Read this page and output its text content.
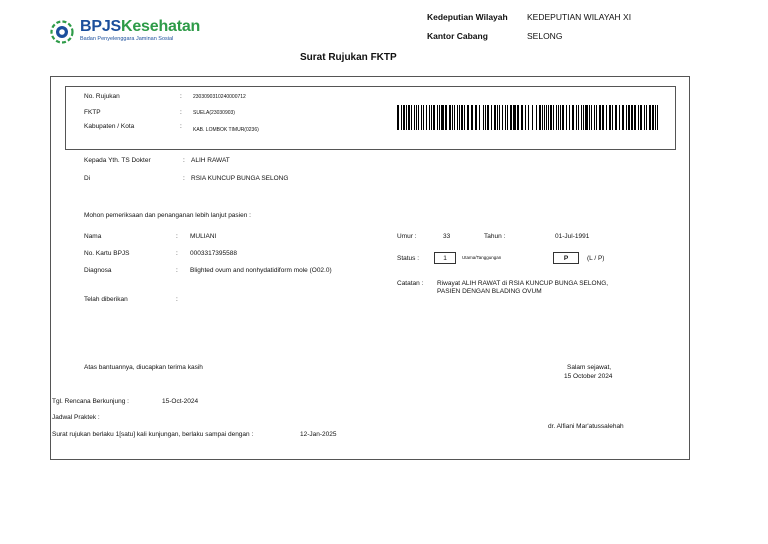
BPJSKesehatan
Badan Penyelenggara Jaminan Sosial
Kedeputian Wilayah KEDEPUTIAN WILAYAH XI
Kantor Cabang	SELONG
Surat Rujukan FKTP
No. Rujukan	: 2303090310240000712
FKTP	: SUELA(23030903)
Kabupaten / Kota	: KAB. LOMBOK TIMUR(0236)
Kepada Yth. TS Dokter	: ALIH RAWAT
Di	: RSIA KUNCUP BUNGA SELONG
Mohon pemeriksaan dan penanganan lebih lanjut pasien :
Nama	: MULIANI
No. Kartu BPJS	: 0003317395588
Diagnosa	: Blighted ovum and nonhydatidiform mole (O02.0)
Telah diberikan	:
Umur :	33	Tahun :	01-Jul-1991
Status :	1	Utama/Tanggungan	P	(L / P)
Catatan : Riwayat ALIH RAWAT di RSIA KUNCUP BUNGA SELONG,
PASIEN DENGAN BLADING OVUM
Atas bantuannya, diucapkan terima kasih	Salam sejawat,
15 October 2024
Tgl. Rencana Berkunjung :	15-Oct-2024
Jadwal Praktek :
dr. Alfiani Mar'atussalehah
Surat rujukan berlaku 1[satu] kali kunjungan, berlaku sampai dengan :	12-Jan-2025
